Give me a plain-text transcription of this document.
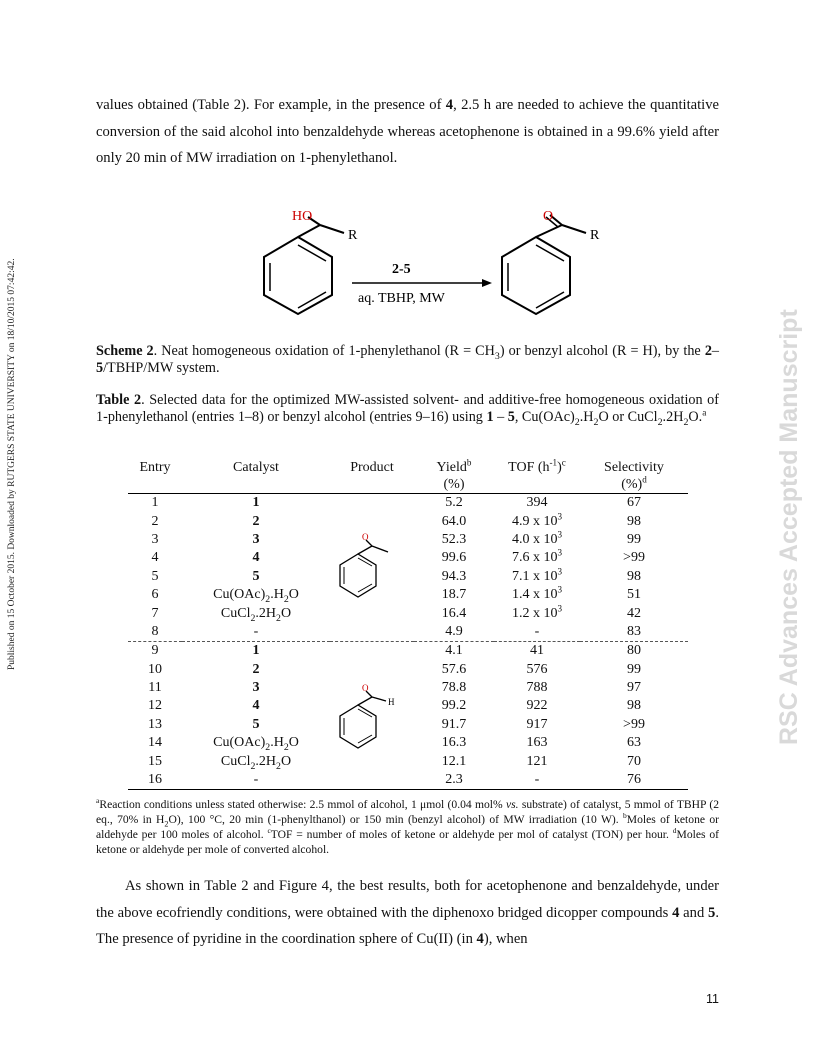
Published on 15 October 2015. Downloaded by RUTGERS STATE UNIVERSITY on 18/10/2015 07:42:42.	RSC Advances Accepted Manuscript

values obtained (Table 2). For example, in the presence of 4, 2.5 h are needed to achieve the quantitative conversion of the said alcohol into benzaldehyde whereas acetophenone is obtained in a 99.6% yield after only 20 min of MW irradiation on 1-phenylethanol.

HO
R
2-5
aq. TBHP, MW
O
R

Scheme 2. Neat homogeneous oxidation of 1-phenylethanol $(R = CH_3)$ or benzyl alcohol (R = H), by the 2–5/TBHP/MW system.

Table 2. Selected data for the optimized MW-assisted solvent- and additive-free homogeneous oxidation of 1-phenylethanol (entries 1–8) or benzyl alcohol (entries 9–16) using 1 – 5, $Cu(OAc)_2.H_2O$ or $CuCl_2.2H_2O.^a$

Entry	Catalyst	Product	Yield$^b$	TOF $(h^{-1})^c$	Selectivity
			(%)		(%)$^d$
1	1		5.2	394	67
2	2		64.0	4.9 x $10^3$	98
3	3		52.3	4.0 x $10^3$	99
4	4		99.6	7.6 x $10^3$	>99
5	5		94.3	7.1 x $10^3$	98
6	$Cu(OAc)_2.H_2O$		18.7	1.4 x $10^3$	51
7	$CuCl_2.2H_2O$		16.4	1.2 x $10^3$	42
8	-		4.9	-	83
9	1		4.1	41	80
10	2		57.6	576	99
11	3		78.8	788	97
12	4		99.2	922	98
13	5		91.7	917	>99
14	$Cu(OAc)_2.H_2O$		16.3	163	63
15	$CuCl_2.2H_2O$		12.1	121	70
16	-		2.3	-	76
O
O
H

$^a$Reaction conditions unless stated otherwise: 2.5 mmol of alcohol, 1 μmol (0.04 mol% vs. substrate) of catalyst, 5 mmol of TBHP (2 eq., 70% in $H_2O$), 100 °C, 20 min (1-phenylthanol) or 150 min (benzyl alcohol) of MW irradiation (10 W). $^b$Moles of ketone or aldehyde per 100 moles of alcohol. $^c$TOF = number of moles of ketone or aldehyde per mol of catalyst (TON) per hour. $^d$Moles of ketone or aldehyde per mole of converted alcohol.

As shown in Table 2 and Figure 4, the best results, both for acetophenone and benzaldehyde, under the above ecofriendly conditions, were obtained with the diphenoxo bridged dicopper compounds 4 and 5. The presence of pyridine in the coordination sphere of Cu(II) (in 4), when

11
